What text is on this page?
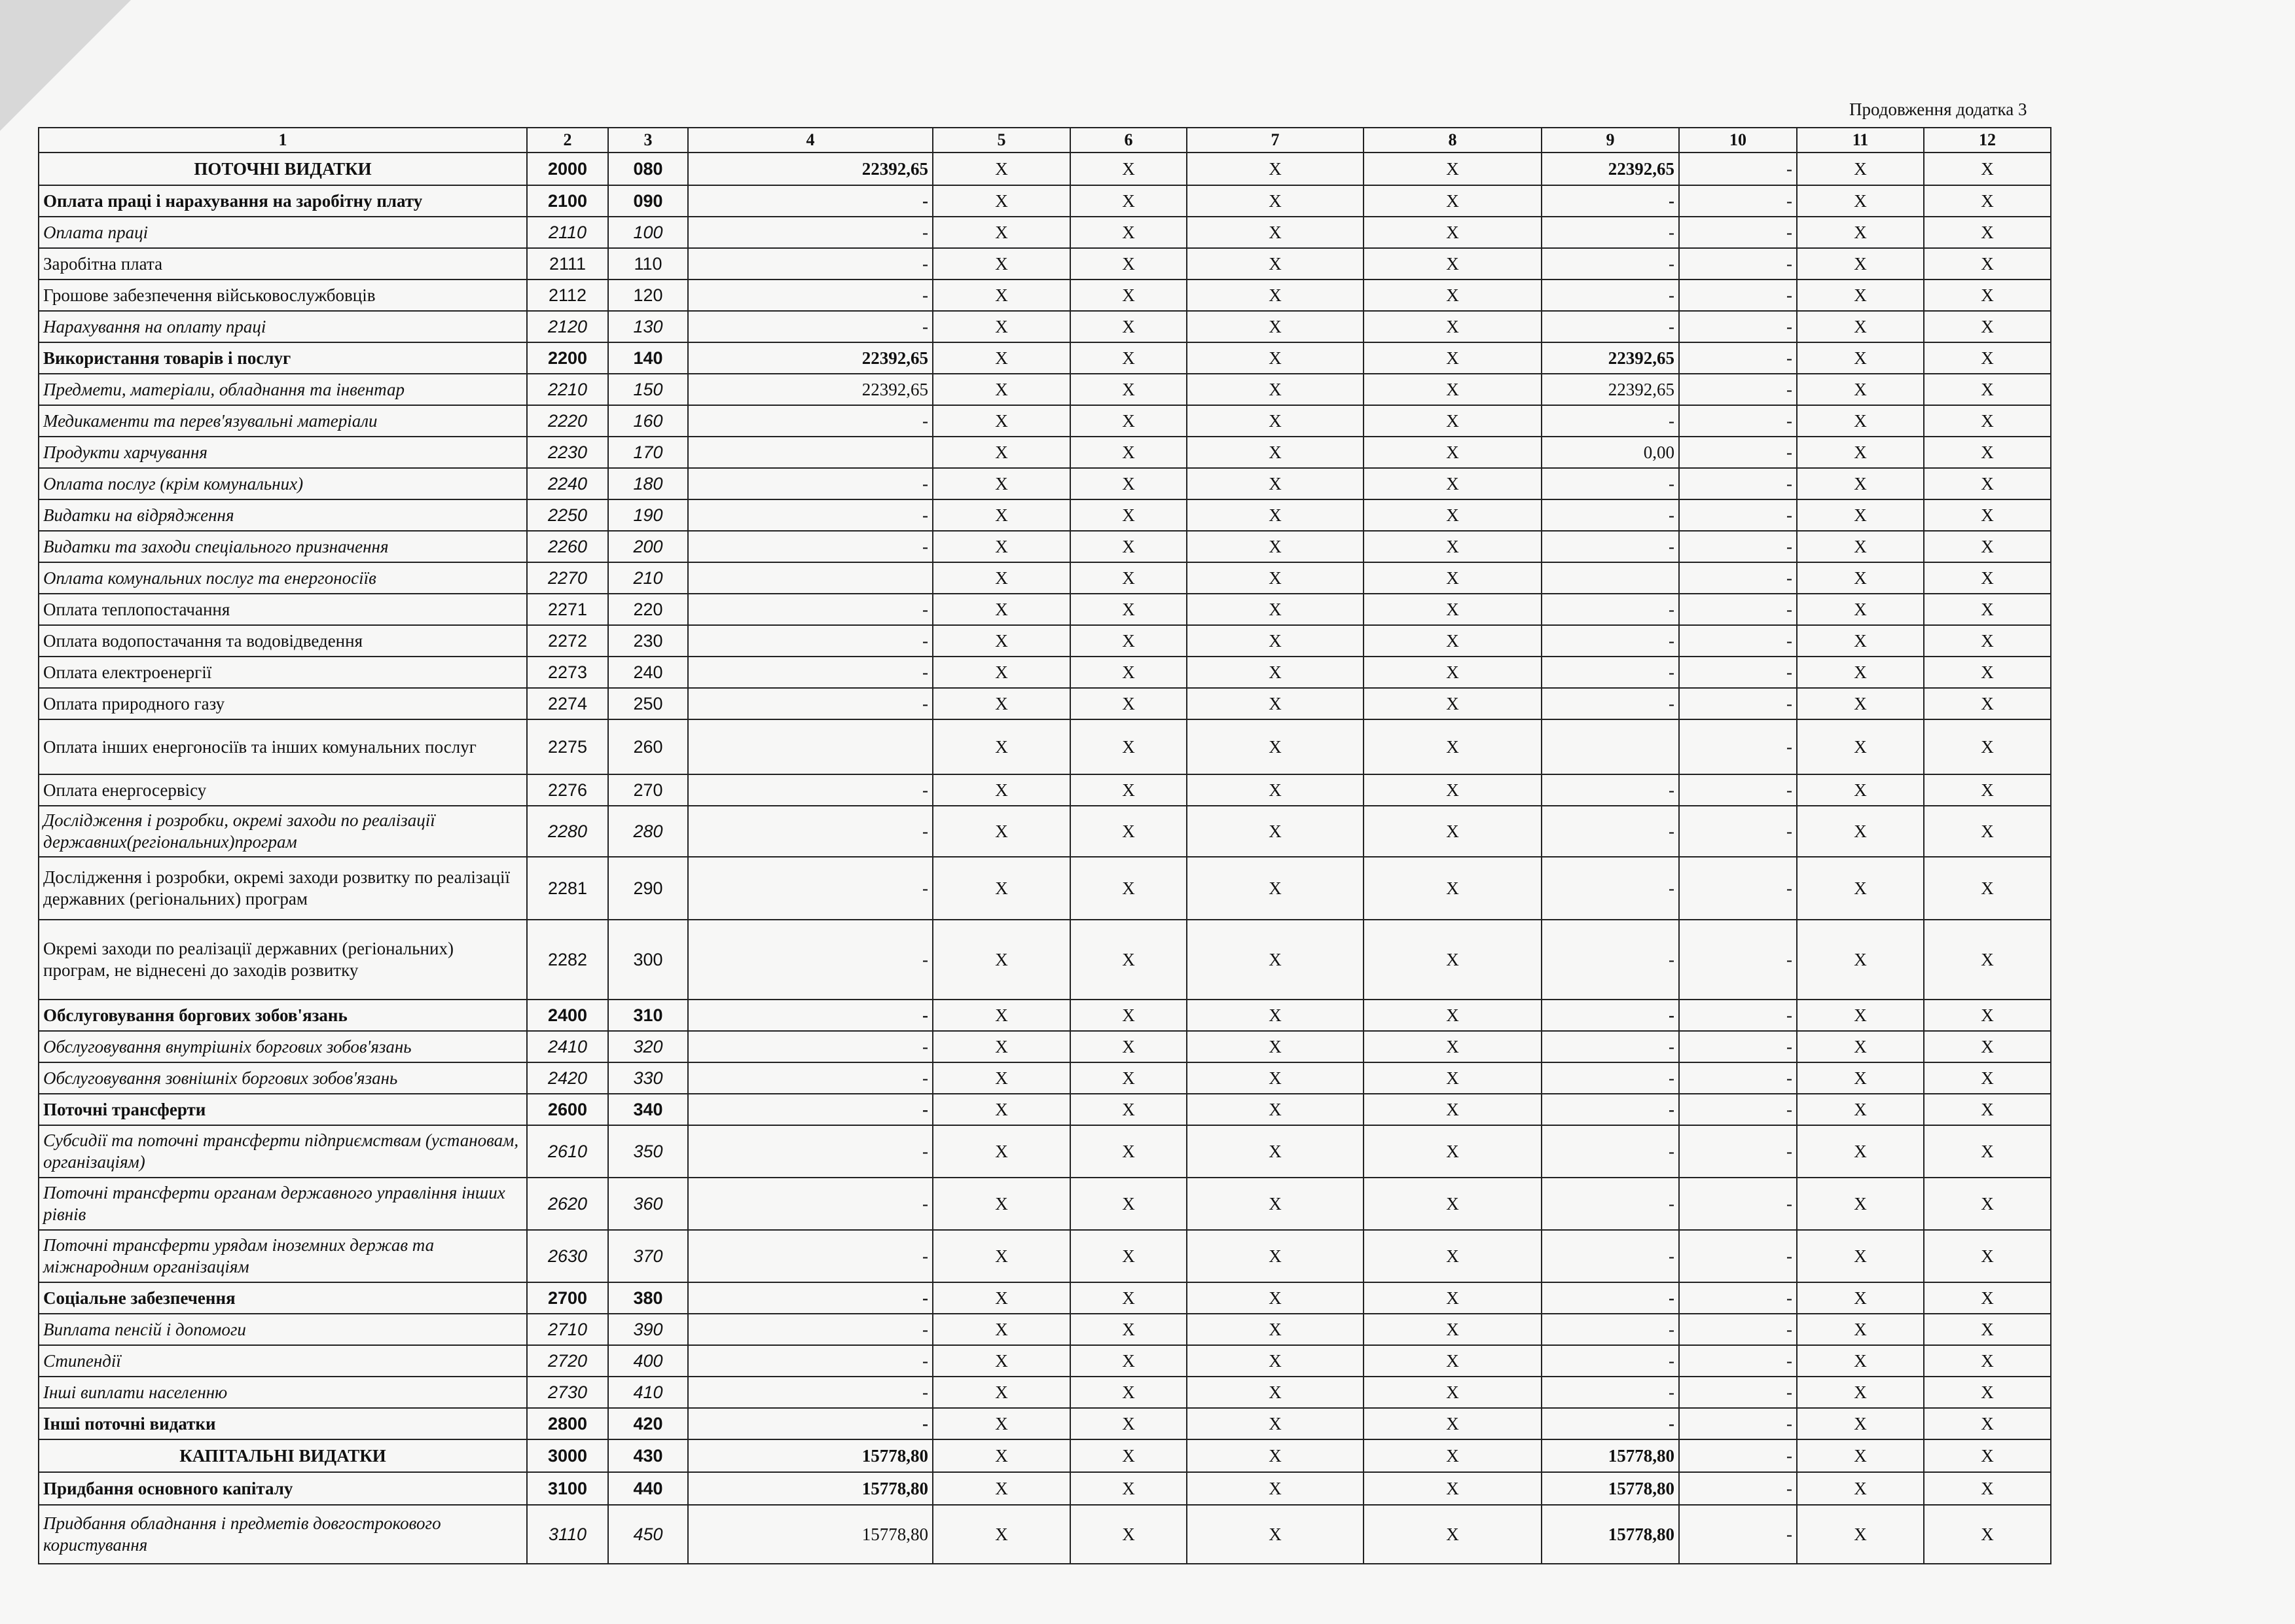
Продовження додатка 3
1	2	3	4	5	6	7	8	9	10	11	12
ПОТОЧНІ ВИДАТКИ	2000	080	22392,65	Х	Х	Х	Х	22392,65	-	Х	Х
Оплата праці і нарахування на заробітну плату	2100	090	-	Х	Х	Х	Х	-	-	Х	Х
Оплата праці	2110	100	-	Х	Х	Х	Х	-	-	Х	Х
Заробітна плата	2111	110	-	Х	Х	Х	Х	-	-	Х	Х
Грошове забезпечення військовослужбовців	2112	120	-	Х	Х	Х	Х	-	-	Х	Х
Нарахування на оплату праці	2120	130	-	Х	Х	Х	Х	-	-	Х	Х
Використання товарів і послуг	2200	140	22392,65	Х	Х	Х	Х	22392,65	-	Х	Х
Предмети, матеріали, обладнання та інвентар	2210	150	22392,65	Х	Х	Х	Х	22392,65	-	Х	Х
Медикаменти та перев'язувальні матеріали	2220	160	-	Х	Х	Х	Х	-	-	Х	Х
Продукти харчування	2230	170		Х	Х	Х	Х	0,00	-	Х	Х
Оплата послуг (крім комунальних)	2240	180	-	Х	Х	Х	Х	-	-	Х	Х
Видатки на відрядження	2250	190	-	Х	Х	Х	Х	-	-	Х	Х
Видатки та заходи спеціального призначення	2260	200	-	Х	Х	Х	Х	-	-	Х	Х
Оплата комунальних послуг та енергоносіїв	2270	210		Х	Х	Х	Х		-	Х	Х
Оплата теплопостачання	2271	220	-	Х	Х	Х	Х	-	-	Х	Х
Оплата водопостачання та водовідведення	2272	230	-	Х	Х	Х	Х	-	-	Х	Х
Оплата електроенергії	2273	240	-	Х	Х	Х	Х	-	-	Х	Х
Оплата природного газу	2274	250	-	Х	Х	Х	Х	-	-	Х	Х
Оплата інших енергоносіїв та інших комунальних послуг	2275	260		Х	Х	Х	Х		-	Х	Х
Оплата енергосервісу	2276	270	-	Х	Х	Х	Х	-	-	Х	Х
Дослідження і розробки, окремі заходи по реалізації державних(регіональних)програм	2280	280	-	Х	Х	Х	Х	-	-	Х	Х
Дослідження і розробки, окремі заходи розвитку по реалізації державних (регіональних) програм	2281	290	-	Х	Х	Х	Х	-	-	Х	Х
Окремі заходи по реалізації державних (регіональних) програм, не віднесені до заходів розвитку	2282	300	-	Х	Х	Х	Х	-	-	Х	Х
Обслуговування боргових зобов'язань	2400	310	-	Х	Х	Х	Х	-	-	Х	Х
Обслуговування внутрішніх боргових зобов'язань	2410	320	-	Х	Х	Х	Х	-	-	Х	Х
Обслуговування зовнішніх боргових зобов'язань	2420	330	-	Х	Х	Х	Х	-	-	Х	Х
Поточні трансферти	2600	340	-	Х	Х	Х	Х	-	-	Х	Х
Субсидії та поточні трансферти підприємствам (установам, організаціям)	2610	350	-	Х	Х	Х	Х	-	-	Х	Х
Поточні трансферти органам державного управління інших рівнів	2620	360	-	Х	Х	Х	Х	-	-	Х	Х
Поточні трансферти урядам іноземних держав та міжнародним організаціям	2630	370	-	Х	Х	Х	Х	-	-	Х	Х
Соціальне забезпечення	2700	380	-	Х	Х	Х	Х	-	-	Х	Х
Виплата пенсій і допомоги	2710	390	-	Х	Х	Х	Х	-	-	Х	Х
Стипендії	2720	400	-	Х	Х	Х	Х	-	-	Х	Х
Інші виплати населенню	2730	410	-	Х	Х	Х	Х	-	-	Х	Х
Інші поточні видатки	2800	420	-	Х	Х	Х	Х	-	-	Х	Х
КАПІТАЛЬНІ ВИДАТКИ	3000	430	15778,80	Х	Х	Х	Х	15778,80	-	Х	Х
Придбання основного капіталу	3100	440	15778,80	Х	Х	Х	Х	15778,80	-	Х	Х
Придбання обладнання і предметів довгострокового користування	3110	450	15778,80	Х	Х	Х	Х	15778,80	-	Х	Х
